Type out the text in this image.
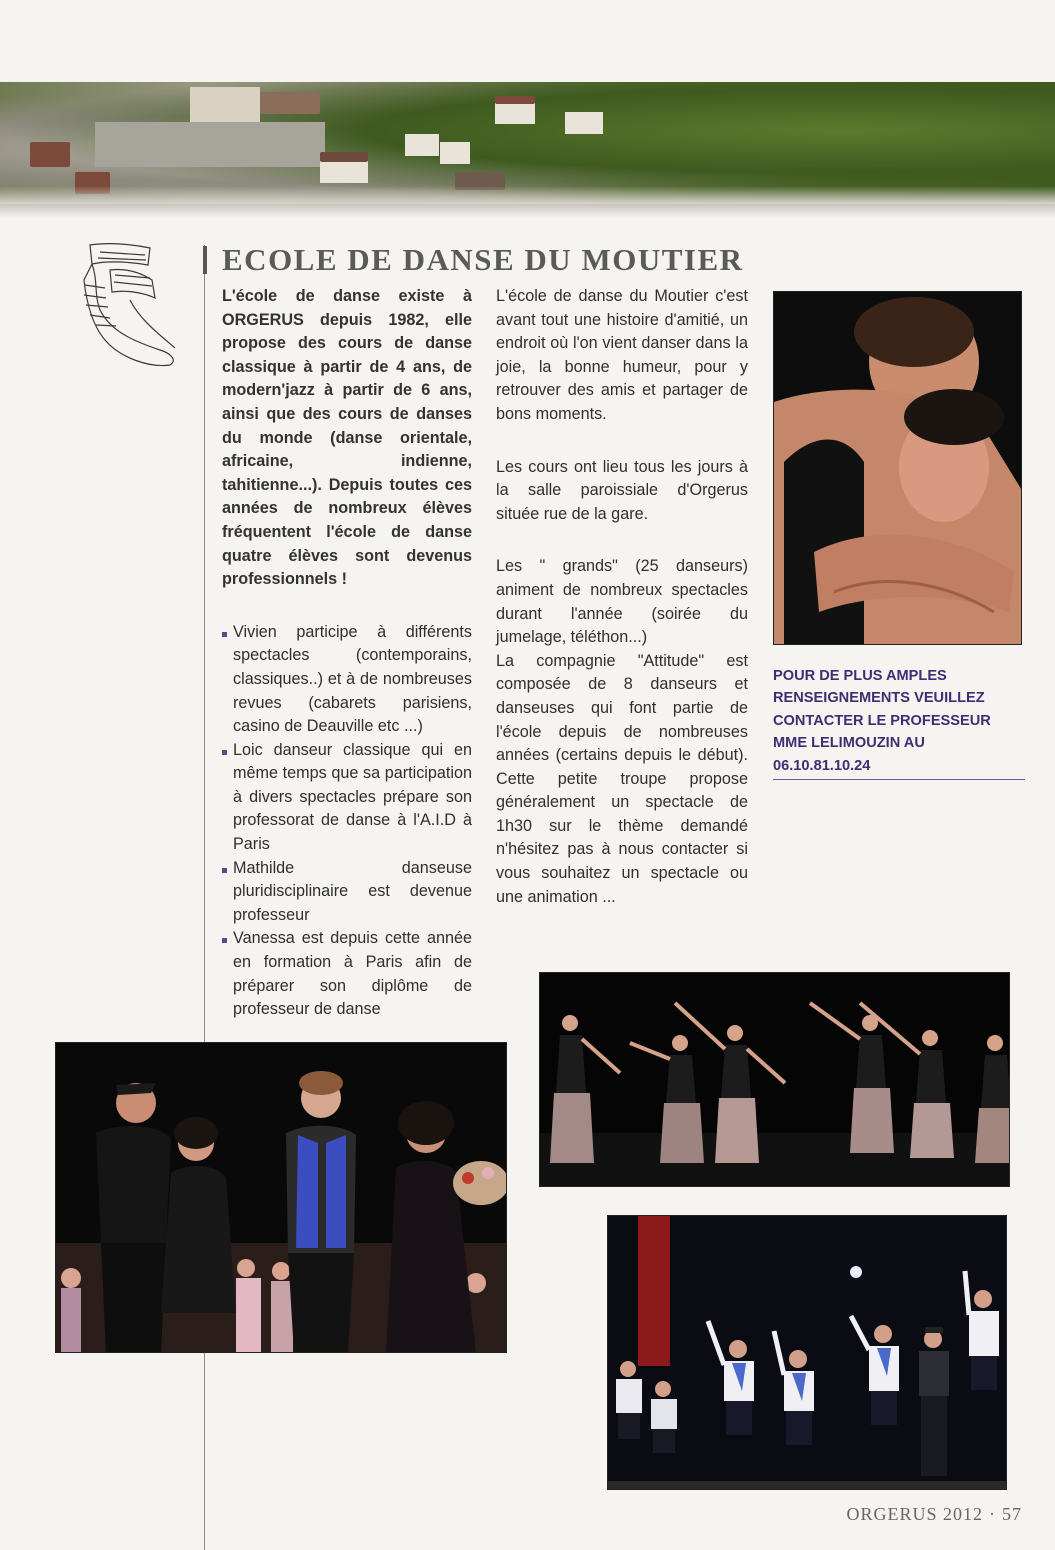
ECOLE DE DANSE DU MOUTIER

L'école de danse existe à ORGERUS depuis 1982, elle propose des cours de danse classique à partir de 4 ans, de modern'jazz à partir de 6 ans, ainsi que des cours de danses du monde (danse orientale, africaine, indienne, tahitienne...). Depuis toutes ces années de nombreux élèves fréquentent l'école de danse quatre élèves sont devenus professionnels !

Vivien participe à différents spectacles (contemporains, classiques..) et à de nombreuses revues (cabarets parisiens, casino de Deauville etc ...)
Loic danseur classique qui en même temps que sa participation à divers spectacles prépare son professorat de danse à l'A.I.D à Paris
Mathilde danseuse pluridisciplinaire est devenue professeur
Vanessa est depuis cette année en formation à Paris afin de préparer son diplôme de professeur de danse

L'école de danse du Moutier c'est avant tout une histoire d'amitié, un endroit où l'on vient danser dans la joie, la bonne humeur, pour y retrouver des amis et partager de bons moments.

Les cours ont lieu tous les jours à la salle paroissiale d'Orgerus située rue de la gare.

Les " grands" (25 danseurs) animent de nombreux spectacles durant l'année (soirée du jumelage, téléthon...)

La compagnie "Attitude" est composée de 8 danseurs et danseuses qui font partie de l'école depuis de nombreuses années (certains depuis le début). Cette petite troupe propose généralement un spectacle de 1h30 sur le thème demandé n'hésitez pas à nous contacter si vous souhaitez un spectacle ou une animation ...

POUR DE PLUS AMPLES RENSEIGNEMENTS VEUILLEZ CONTACTER LE PROFESSEUR MME LELIMOUZIN AU 06.10.81.10.24
ORGERUS 2012 · 57
